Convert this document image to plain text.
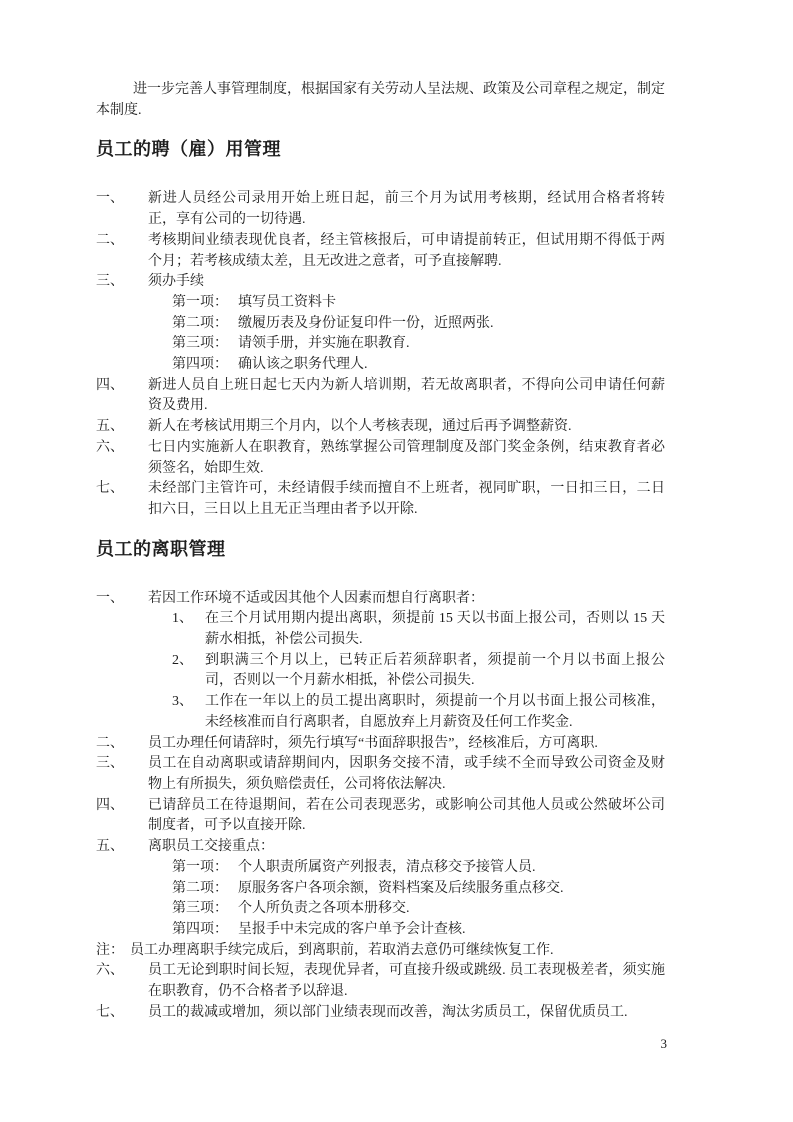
进一步完善人事管理制度，根据国家有关劳动人呈法规、政策及公司章程之规定，制定本制度.

员工的聘（雇）用管理
一、	新进人员经公司录用开始上班日起，前三个月为试用考核期，经试用合格者将转正，享有公司的一切待遇.
二、	考核期间业绩表现优良者，经主管核报后，可申请提前转正，但试用期不得低于两个月；若考核成绩太差，且无改进之意者，可予直接解聘.
三、	须办手续
第一项： 填写员工资料卡
第二项： 缴履历表及身份证复印件一份，近照两张.
第三项： 请领手册，并实施在职教育.
第四项： 确认该之职务代理人.
四、	新进人员自上班日起七天内为新人培训期，若无故离职者，不得向公司申请任何薪资及费用.
五、	新人在考核试用期三个月内，以个人考核表现，通过后再予调整薪资.
六、	七日内实施新人在职教育，熟练掌握公司管理制度及部门奖金条例，结束教育者必须签名，始即生效.
七、	未经部门主管许可，未经请假手续而擅自不上班者，视同旷职，一日扣三日，二日扣六日，三日以上且无正当理由者予以开除.
员工的离职管理
一、	若因工作环境不适或因其他个人因素而想自行离职者：
1、 在三个月试用期内提出离职，须提前 15 天以书面上报公司，否则以 15 天薪水相抵，补偿公司损失.
2、 到职满三个月以上，已转正后若须辞职者，须提前一个月以书面上报公司，否则以一个月薪水相抵，补偿公司损失.
3、 工作在一年以上的员工提出离职时，须提前一个月以书面上报公司核准，未经核准而自行离职者，自愿放弃上月薪资及任何工作奖金.
二、	员工办理任何请辞时，须先行填写“书面辞职报告”，经核准后，方可离职.
三、	员工在自动离职或请辞期间内，因职务交接不清，或手续不全而导致公司资金及财物上有所损失，须负赔偿责任，公司将依法解决.
四、	已请辞员工在待退期间，若在公司表现恶劣，或影响公司其他人员或公然破坏公司制度者，可予以直接开除.
五、	离职员工交接重点：
第一项： 个人职责所属资产列报表，清点移交予接管人员.
第二项： 原服务客户各项余额，资料档案及后续服务重点移交.
第三项： 个人所负责之各项本册移交.
第四项： 呈报手中未完成的客户单予会计查核.
注： 员工办理离职手续完成后，到离职前，若取消去意仍可继续恢复工作.
六、	员工无论到职时间长短，表现优异者，可直接升级或跳级. 员工表现极差者，须实施在职教育，仍不合格者予以辞退.
七、	员工的裁减或增加，须以部门业绩表现而改善，淘汰劣质员工，保留优质员工.
3
